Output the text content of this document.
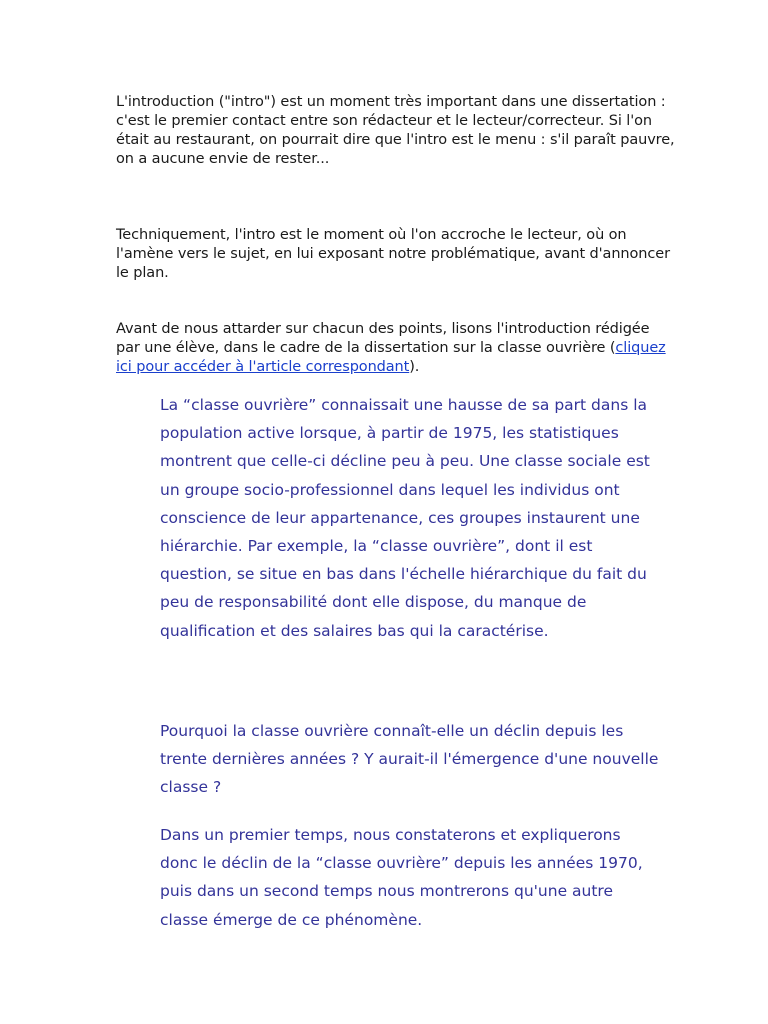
L'introduction ("intro") est un moment très important dans une dissertation : c'est le premier contact entre son rédacteur et le lecteur/correcteur. Si l'on était au restaurant, on pourrait dire que l'intro est le menu : s'il paraît pauvre, on a aucune envie de rester...

Techniquement, l'intro est le moment où l'on accroche le lecteur, où on l'amène vers le sujet, en lui exposant notre problématique, avant d'annoncer le plan.

Avant de nous attarder sur chacun des points, lisons l'introduction rédigée par une élève, dans le cadre de la dissertation sur la classe ouvrière (cliquez ici pour accéder à l'article correspondant).

La “classe ouvrière” connaissait une hausse de sa part dans la population active lorsque, à partir de 1975, les statistiques montrent que celle-ci décline peu à peu. Une classe sociale est un groupe socio-professionnel dans lequel les individus ont conscience de leur appartenance, ces groupes instaurent une hiérarchie. Par exemple, la “classe ouvrière”, dont il est question, se situe en bas dans l'échelle hiérarchique du fait du peu de responsabilité dont elle dispose, du manque de qualification et des salaires bas qui la caractérise.

Pourquoi la classe ouvrière connaît-elle un déclin depuis les trente dernières années ? Y aurait-il l'émergence d'une nouvelle classe ?

Dans un premier temps, nous constaterons et expliquerons donc le déclin de la “classe ouvrière” depuis les années 1970, puis dans un second temps nous montrerons qu'une autre classe émerge de ce phénomène.
